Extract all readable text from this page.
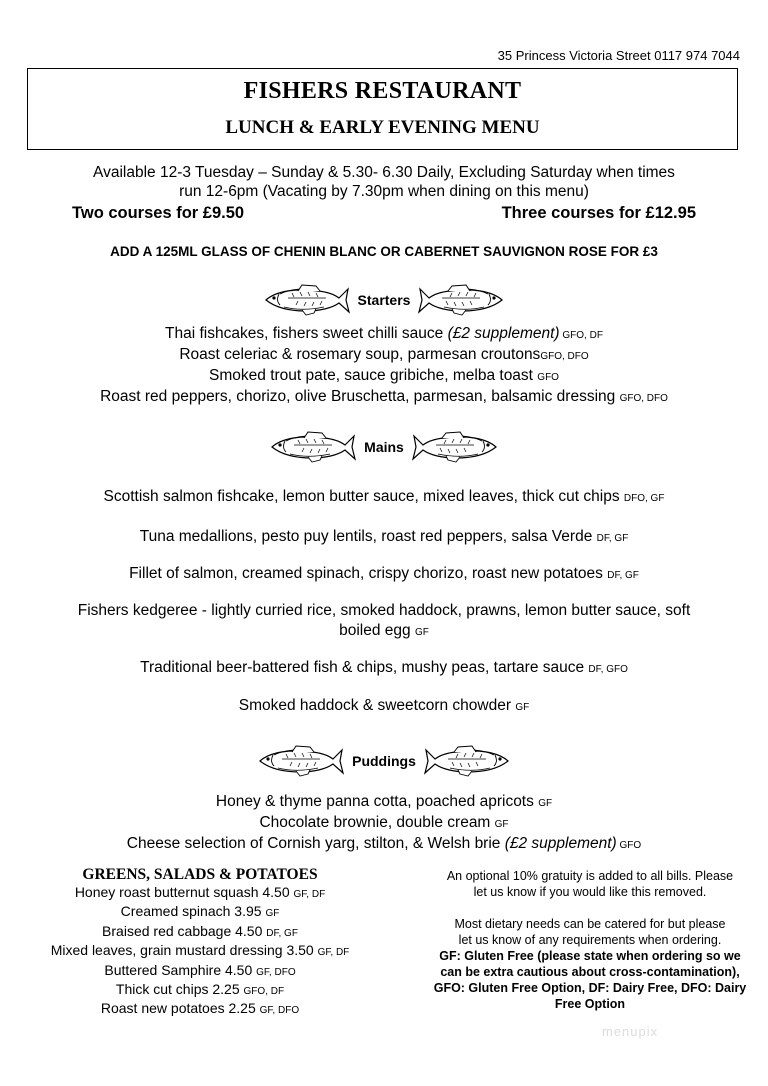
35 Princess Victoria Street 0117 974 7044
FISHERS RESTAURANT
LUNCH & EARLY EVENING MENU
Available 12-3 Tuesday – Sunday & 5.30- 6.30 Daily, Excluding Saturday when times
run 12-6pm (Vacating by 7.30pm when dining on this menu)
Two courses for £9.50	Three courses for £12.95
ADD A 125ML GLASS OF CHENIN BLANC OR CABERNET SAUVIGNON ROSE FOR £3
Starters
Thai fishcakes, fishers sweet chilli sauce (£2 supplement) GFO, DF
Roast celeriac & rosemary soup, parmesan croutonsGFO, DFO
Smoked trout pate, sauce gribiche, melba toast GFO
Roast red peppers, chorizo, olive Bruschetta, parmesan, balsamic dressing GFO, DFO
Mains
Scottish salmon fishcake, lemon butter sauce, mixed leaves, thick cut chips DFO, GF
Tuna medallions, pesto puy lentils, roast red peppers, salsa Verde DF, GF
Fillet of salmon, creamed spinach, crispy chorizo, roast new potatoes DF, GF
Fishers kedgeree - lightly curried rice, smoked haddock, prawns, lemon butter sauce, soft
boiled egg GF
Traditional beer-battered fish & chips, mushy peas, tartare sauce DF, GFO
Smoked haddock & sweetcorn chowder GF
Puddings
Honey & thyme panna cotta, poached apricots GF
Chocolate brownie, double cream GF
Cheese selection of Cornish yarg, stilton, & Welsh brie (£2 supplement) GFO
GREENS, SALADS & POTATOES
Honey roast butternut squash 4.50 GF, DF
Creamed spinach 3.95 GF
Braised red cabbage 4.50 DF, GF
Mixed leaves, grain mustard dressing 3.50 GF, DF
Buttered Samphire 4.50 GF, DFO
Thick cut chips 2.25 GFO, DF
Roast new potatoes 2.25 GF, DFO
An optional 10% gratuity is added to all bills. Please
let us know if you would like this removed.
Most dietary needs can be catered for but please
let us know of any requirements when ordering.
GF: Gluten Free (please state when ordering so we
can be extra cautious about cross-contamination),
GFO: Gluten Free Option, DF: Dairy Free, DFO: Dairy
Free Option
menupix
